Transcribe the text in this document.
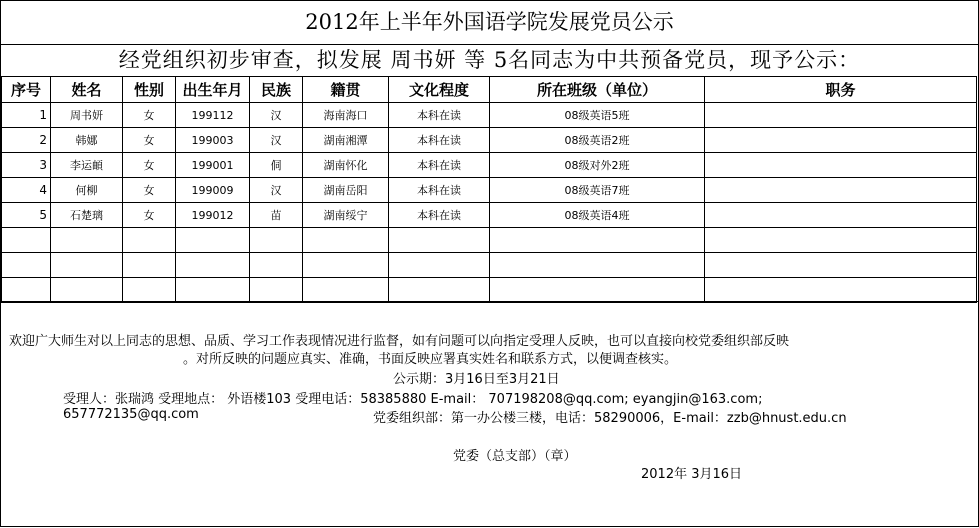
2012年上半年外国语学院发展党员公示
经党组织初步审查，拟发展 周书妍 等 5名同志为中共预备党员，现予公示：
序号	姓名	性别	出生年月	民族	籍贯	文化程度	所在班级（单位）	职务
1	周书妍	女	199112	汉	海南海口	本科在读	08级英语5班	
2	韩娜	女	199003	汉	湖南湘潭	本科在读	08级英语2班	
3	李运頔	女	199001	侗	湖南怀化	本科在读	08级对外2班	
4	何柳	女	199009	汉	湖南岳阳	本科在读	08级英语7班	
5	石楚璃	女	199012	苗	湖南绥宁	本科在读	08级英语4班	

欢迎广大师生对以上同志的思想、品质、学习工作表现情况进行监督，如有问题可以向指定受理人反映，也可以直接向校党委组织部反映
。对所反映的问题应真实、准确，书面反映应署真实姓名和联系方式，以便调查核实。
公示期：3月16日至3月21日
受理人：张瑞鸿 受理地点： 外语楼103 受理电话：58385880 E-mail： 707198208@qq.com; eyangjin@163.com;
657772135@qq.com	党委组织部：第一办公楼三楼，电话：58290006，E-mail：zzb@hnust.edu.cn
党委（总支部）（章）
2012年 3月16日
